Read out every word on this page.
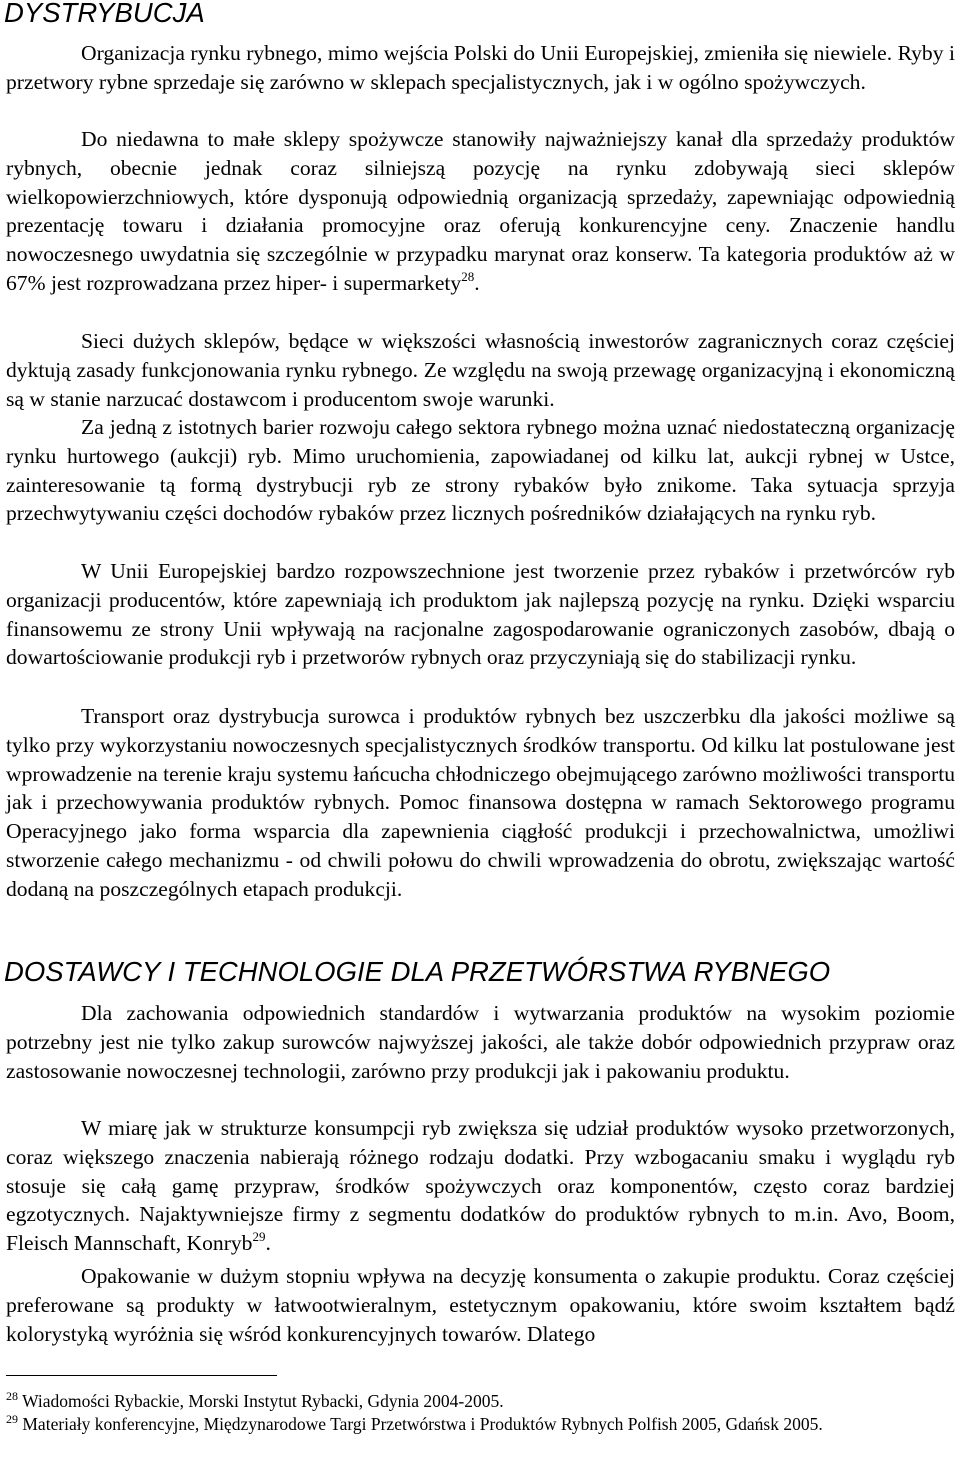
DYSTRYBUCJA

Organizacja rynku rybnego, mimo wejścia Polski do Unii Europejskiej, zmieniła się niewiele. Ryby i przetwory rybne sprzedaje się zarówno w sklepach specjalistycznych, jak i w ogólno spożywczych.

Do niedawna to małe sklepy spożywcze stanowiły najważniejszy kanał dla sprzedaży produktów rybnych, obecnie jednak coraz silniejszą pozycję na rynku zdobywają sieci sklepów wielkopowierzchniowych, które dysponują odpowiednią organizacją sprzedaży, zapewniając odpowiednią prezentację towaru i działania promocyjne oraz oferują konkurencyjne ceny. Znaczenie handlu nowoczesnego uwydatnia się szczególnie w przypadku marynat oraz konserw. Ta kategoria produktów aż w 67% jest rozprowadzana przez hiper- i supermarkety$^{28}$.

Sieci dużych sklepów, będące w większości własnością inwestorów zagranicznych coraz częściej dyktują zasady funkcjonowania rynku rybnego. Ze względu na swoją przewagę organizacyjną i ekonomiczną są w stanie narzucać dostawcom i producentom swoje warunki.

Za jedną z istotnych barier rozwoju całego sektora rybnego można uznać niedostateczną organizację rynku hurtowego (aukcji) ryb. Mimo uruchomienia, zapowiadanej od kilku lat, aukcji rybnej w Ustce, zainteresowanie tą formą dystrybucji ryb ze strony rybaków było znikome. Taka sytuacja sprzyja przechwytywaniu części dochodów rybaków przez licznych pośredników działających na rynku ryb.

W Unii Europejskiej bardzo rozpowszechnione jest tworzenie przez rybaków i przetwórców ryb organizacji producentów, które zapewniają ich produktom jak najlepszą pozycję na rynku. Dzięki wsparciu finansowemu ze strony Unii wpływają na racjonalne zagospodarowanie ograniczonych zasobów, dbają o dowartościowanie produkcji ryb i przetworów rybnych oraz przyczyniają się do stabilizacji rynku.

Transport oraz dystrybucja surowca i produktów rybnych bez uszczerbku dla jakości możliwe są tylko przy wykorzystaniu nowoczesnych specjalistycznych środków transportu. Od kilku lat postulowane jest wprowadzenie na terenie kraju systemu łańcucha chłodniczego obejmującego zarówno możliwości transportu jak i przechowywania produktów rybnych. Pomoc finansowa dostępna w ramach Sektorowego programu Operacyjnego jako forma wsparcia dla zapewnienia ciągłość produkcji i przechowalnictwa, umożliwi stworzenie całego mechanizmu - od chwili połowu do chwili wprowadzenia do obrotu, zwiększając wartość dodaną na poszczególnych etapach produkcji.

DOSTAWCY I TECHNOLOGIE DLA PRZETWÓRSTWA RYBNEGO

Dla zachowania odpowiednich standardów i wytwarzania produktów na wysokim poziomie potrzebny jest nie tylko zakup surowców najwyższej jakości, ale także dobór odpowiednich przypraw oraz zastosowanie nowoczesnej technologii, zarówno przy produkcji jak i pakowaniu produktu.

W miarę jak w strukturze konsumpcji ryb zwiększa się udział produktów wysoko przetworzonych, coraz większego znaczenia nabierają różnego rodzaju dodatki. Przy wzbogacaniu smaku i wyglądu ryb stosuje się całą gamę przypraw, środków spożywczych oraz komponentów, często coraz bardziej egzotycznych. Najaktywniejsze firmy z segmentu dodatków do produktów rybnych to m.in. Avo, Boom, Fleisch Mannschaft, Konryb$^{29}$.

Opakowanie w dużym stopniu wpływa na decyzję konsumenta o zakupie produktu. Coraz częściej preferowane są produkty w łatwootwieralnym, estetycznym opakowaniu, które swoim kształtem bądź kolorystyką wyróżnia się wśród konkurencyjnych towarów. Dlatego

$^{28}$ Wiadomości Rybackie, Morski Instytut Rybacki, Gdynia 2004-2005.

$^{29}$ Materiały konferencyjne, Międzynarodowe Targi Przetwórstwa i Produktów Rybnych Polfish 2005, Gdańsk 2005.
